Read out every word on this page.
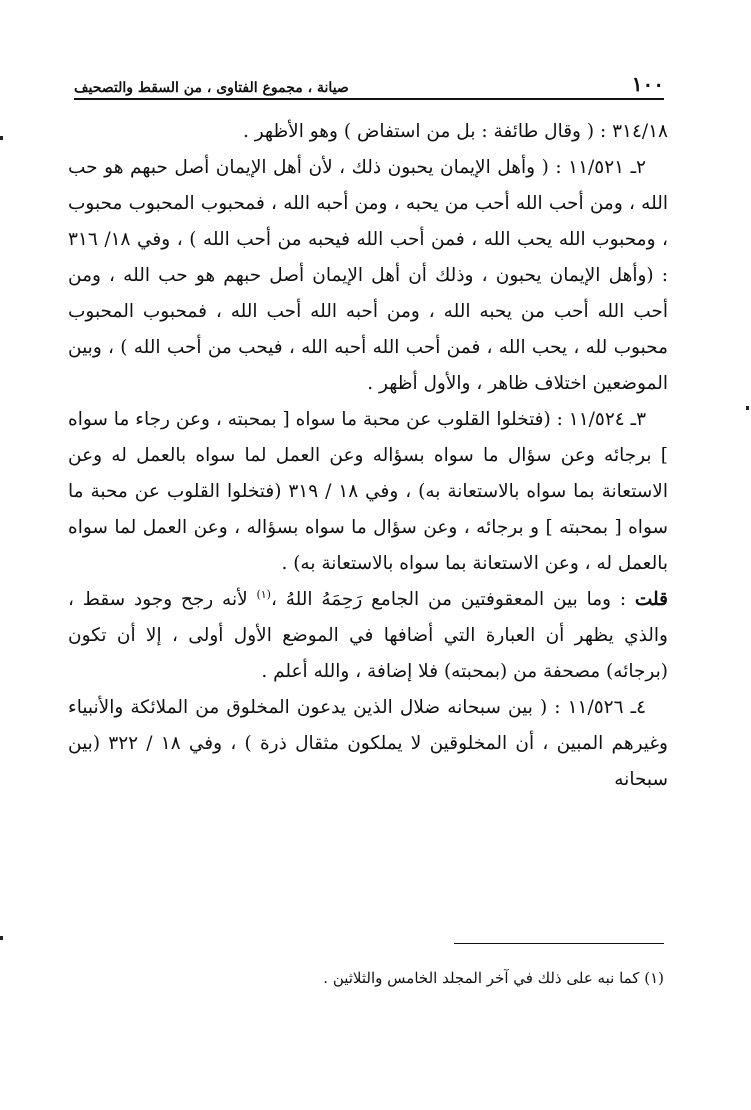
١٠٠
صيانة ، مجموع الفتاوى ، من السقط والتصحيف

٣١٤/١٨ : ( وقال طائفة : بل من استفاض ) وهو الأظهر .

٢ـ ١١/٥٢١ : ( وأهل الإيمان يحبون ذلك ، لأن أهل الإيمان أصل حبهم هو حب الله ، ومن أحب الله أحب من يحبه ، ومن أحبه الله ، فمحبوب المحبوب محبوب ، ومحبوب الله يحب الله ، فمن أحب الله فيحبه من أحب الله ) ، وفي ١٨/ ٣١٦ : (وأهل الإيمان يحبون ، وذلك أن أهل الإيمان أصل حبهم هو حب الله ، ومن أحب الله أحب من يحبه الله ، ومن أحبه الله أحب الله ، فمحبوب المحبوب محبوب لله ، يحب الله ، فمن أحب الله أحبه الله ، فيحب من أحب الله ) ، وبين الموضعين اختلاف ظاهر ، والأول أظهر .

٣ـ ١١/٥٢٤ : (فتخلوا القلوب عن محبة ما سواه [ بمحبته ، وعن رجاء ما سواه ] برجائه وعن سؤال ما سواه بسؤاله وعن العمل لما سواه بالعمل له وعن الاستعانة بما سواه بالاستعانة به) ، وفي ١٨ / ٣١٩ (فتخلوا القلوب عن محبة ما سواه [ بمحبته ] و برجائه ، وعن سؤال ما سواه بسؤاله ، وعن العمل لما سواه بالعمل له ، وعن الاستعانة بما سواه بالاستعانة به) .

قلت : وما بين المعقوفتين من الجامع رَحِمَهُ اللهُ ،$^{(١)}$ لأنه رجح وجود سقط ، والذي يظهر أن العبارة التي أضافها في الموضع الأول أولى ، إلا أن تكون (برجائه) مصحفة من (بمحبته) فلا إضافة ، والله أعلم .

٤ـ ١١/٥٢٦ : ( بين سبحانه ضلال الذين يدعون المخلوق من الملائكة والأنبياء وغيرهم المبين ، أن المخلوقين لا يملكون مثقال ذرة ) ، وفي ١٨ / ٣٢٢ (بين سبحانه

(١) كما نبه على ذلك في آخر المجلد الخامس والثلاثين .
